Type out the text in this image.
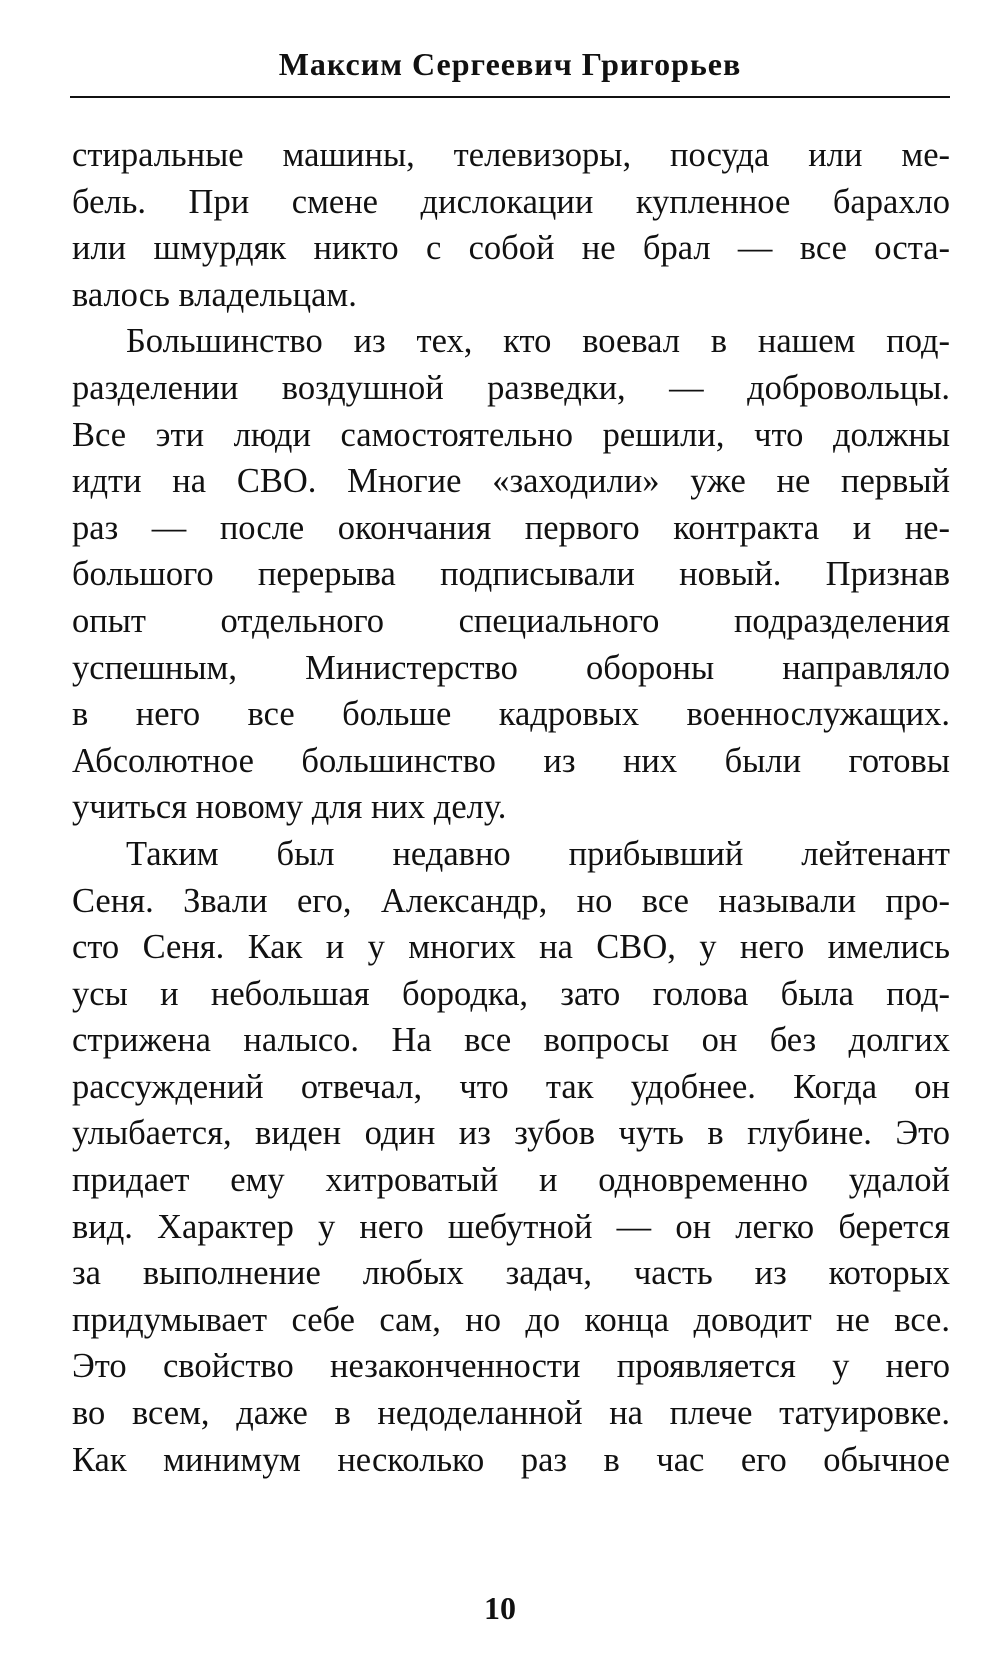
Максим Сергеевич Григорьев

стиральные машины, телевизоры, посуда или ме-
бель. При смене дислокации купленное барахло
или шмурдяк никто с собой не брал — все оста-
валось владельцам.

Большинство из тех, кто воевал в нашем под-
разделении воздушной разведки, — добровольцы.
Все эти люди самостоятельно решили, что должны
идти на СВО. Многие «заходили» уже не первый
раз — после окончания первого контракта и не-
большого перерыва подписывали новый. Признав
опыт отдельного специального подразделения
успешным, Министерство обороны направляло
в него все больше кадровых военнослужащих.
Абсолютное большинство из них были готовы
учиться новому для них делу.

Таким был недавно прибывший лейтенант
Сеня. Звали его, Александр, но все называли про-
сто Сеня. Как и у многих на СВО, у него имелись
усы и небольшая бородка, зато голова была под-
стрижена налысо. На все вопросы он без долгих
рассуждений отвечал, что так удобнее. Когда он
улыбается, виден один из зубов чуть в глубине. Это
придает ему хитроватый и одновременно удалой
вид. Характер у него шебутной — он легко берется
за выполнение любых задач, часть из которых
придумывает себе сам, но до конца доводит не все.
Это свойство незаконченности проявляется у него
во всем, даже в недоделанной на плече татуировке.
Как минимум несколько раз в час его обычное

10
